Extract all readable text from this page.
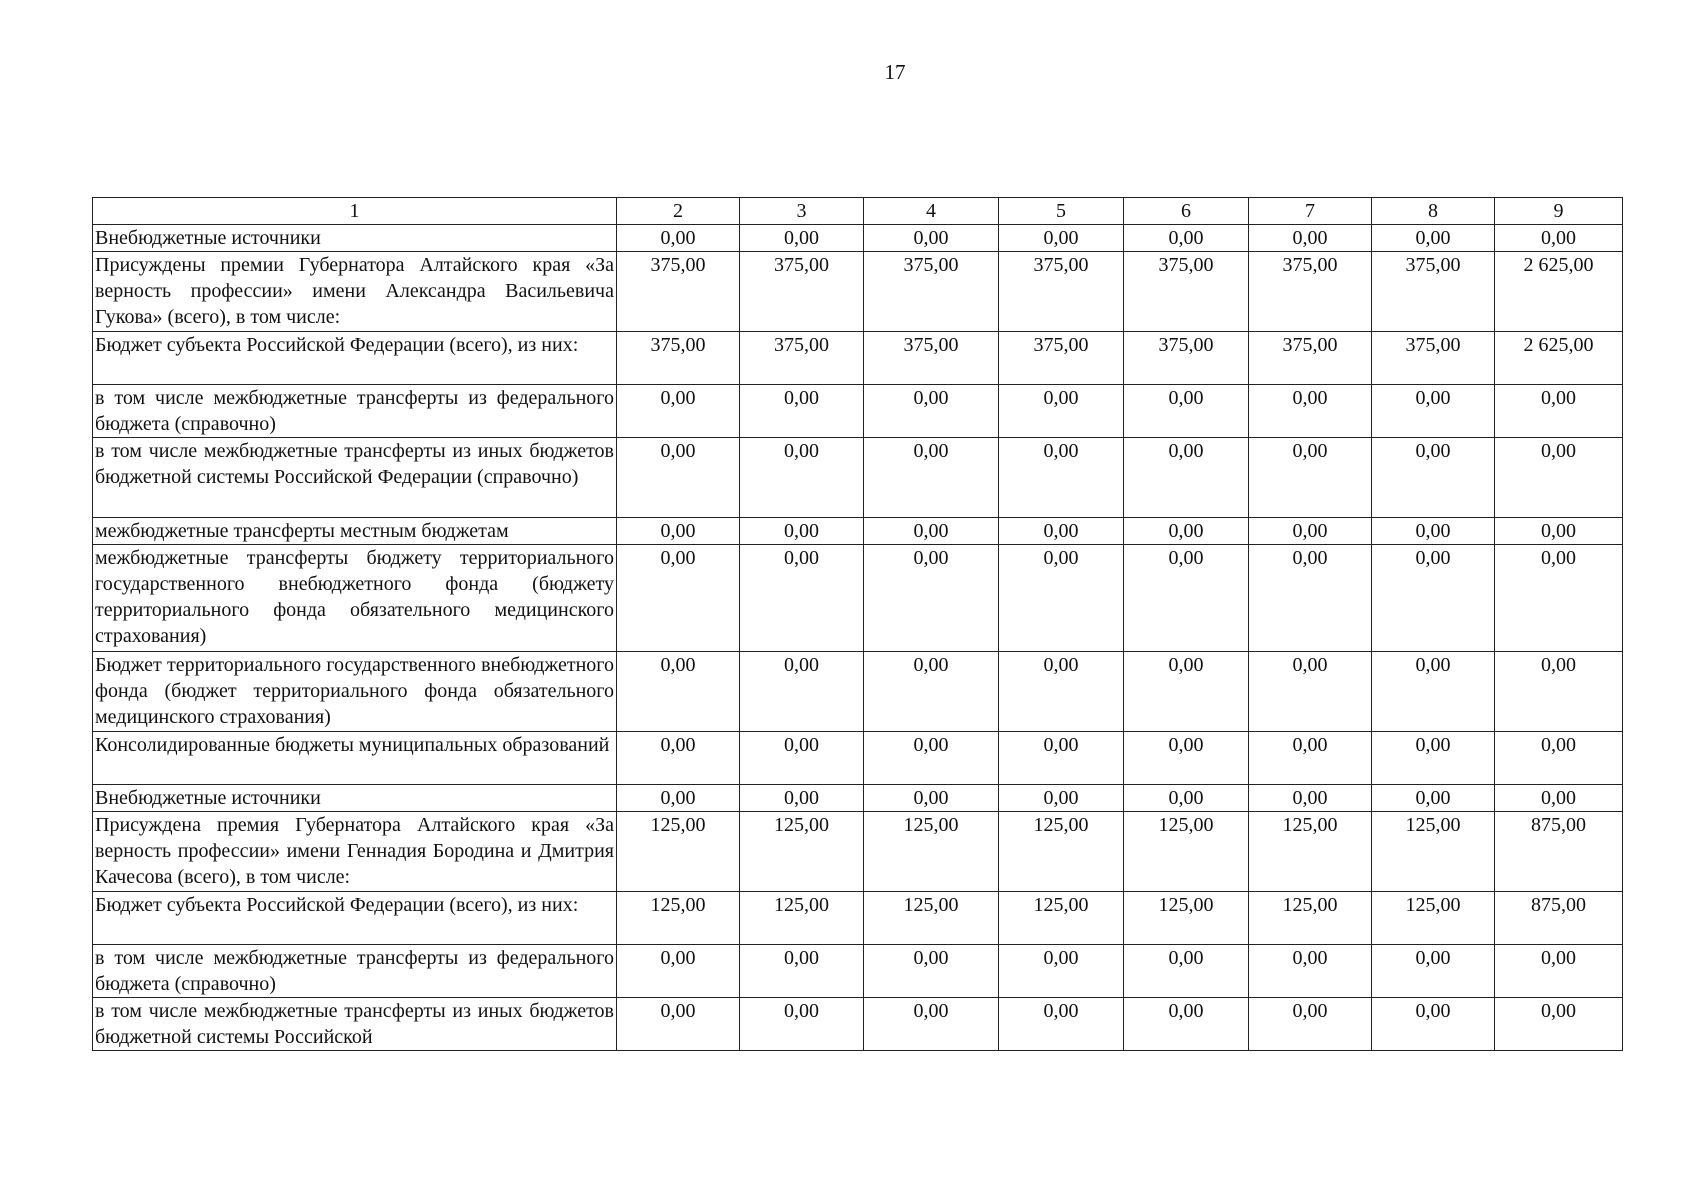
17
1	2	3	4	5	6	7	8	9
Внебюджетные источники	0,00	0,00	0,00	0,00	0,00	0,00	0,00	0,00
Присуждены премии Губернатора Алтайского края «За верность профессии» имени Александра Васильевича Гукова» (всего), в том числе:	375,00	375,00	375,00	375,00	375,00	375,00	375,00	2 625,00
Бюджет субъекта Российской Федерации (всего), из них:	375,00	375,00	375,00	375,00	375,00	375,00	375,00	2 625,00
в том числе межбюджетные трансферты из федерального бюджета (справочно)	0,00	0,00	0,00	0,00	0,00	0,00	0,00	0,00
в том числе межбюджетные трансферты из иных бюджетов бюджетной системы Российской Федерации (справочно)	0,00	0,00	0,00	0,00	0,00	0,00	0,00	0,00
межбюджетные трансферты местным бюджетам	0,00	0,00	0,00	0,00	0,00	0,00	0,00	0,00
межбюджетные трансферты бюджету территориального государственного внебюджетного фонда (бюджету территориального фонда обязательного медицинского страхования)	0,00	0,00	0,00	0,00	0,00	0,00	0,00	0,00
Бюджет территориального государственного внебюджетного фонда (бюджет территориального фонда обязательного медицинского страхования)	0,00	0,00	0,00	0,00	0,00	0,00	0,00	0,00
Консолидированные бюджеты муниципальных образований	0,00	0,00	0,00	0,00	0,00	0,00	0,00	0,00
Внебюджетные источники	0,00	0,00	0,00	0,00	0,00	0,00	0,00	0,00
Присуждена премия Губернатора Алтайского края «За верность профессии» имени Геннадия Бородина и Дмитрия Качесова (всего), в том числе:	125,00	125,00	125,00	125,00	125,00	125,00	125,00	875,00
Бюджет субъекта Российской Федерации (всего), из них:	125,00	125,00	125,00	125,00	125,00	125,00	125,00	875,00
в том числе межбюджетные трансферты из федерального бюджета (справочно)	0,00	0,00	0,00	0,00	0,00	0,00	0,00	0,00
в том числе межбюджетные трансферты из иных бюджетов бюджетной системы Российской	0,00	0,00	0,00	0,00	0,00	0,00	0,00	0,00
